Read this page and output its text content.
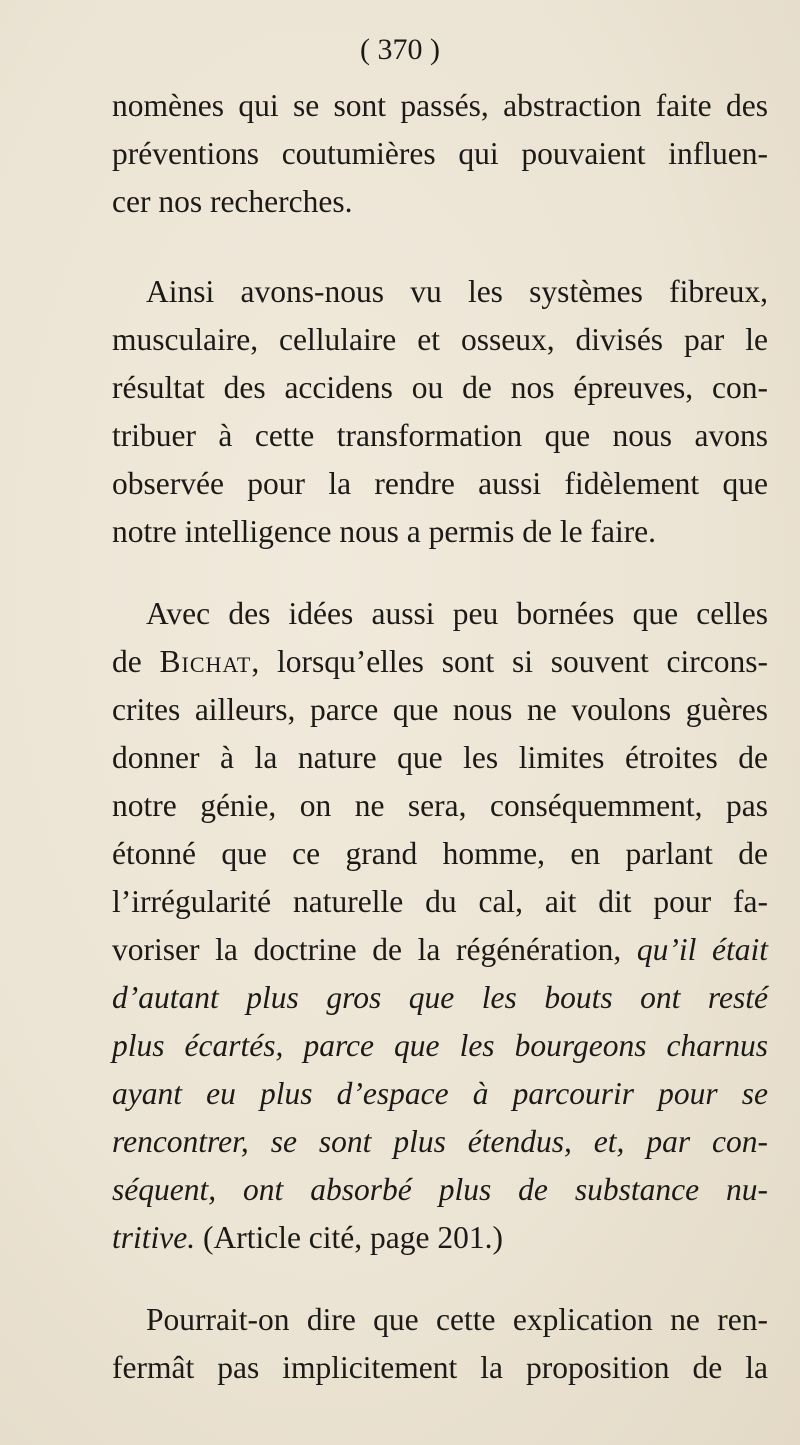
( 370 )
nomènes qui se sont passés, abstraction faite des
préventions coutumières qui pouvaient influen-
cer nos recherches.
Ainsi avons-nous vu les systèmes fibreux,
musculaire, cellulaire et osseux, divisés par le
résultat des accidens ou de nos épreuves, con-
tribuer à cette transformation que nous avons
observée pour la rendre aussi fidèlement que
notre intelligence nous a permis de le faire.
Avec des idées aussi peu bornées que celles
de Bichat, lorsqu’elles sont si souvent circons-
crites ailleurs, parce que nous ne voulons guères
donner à la nature que les limites étroites de
notre génie, on ne sera, conséquemment, pas
étonné que ce grand homme, en parlant de
l’irrégularité naturelle du cal, ait dit pour fa-
voriser la doctrine de la régénération, qu’il était
d’autant plus gros que les bouts ont resté
plus écartés, parce que les bourgeons charnus
ayant eu plus d’espace à parcourir pour se
rencontrer, se sont plus étendus, et, par con-
séquent, ont absorbé plus de substance nu-
tritive. (Article cité, page 201.)
Pourrait-on dire que cette explication ne ren-
fermât pas implicitement la proposition de la
